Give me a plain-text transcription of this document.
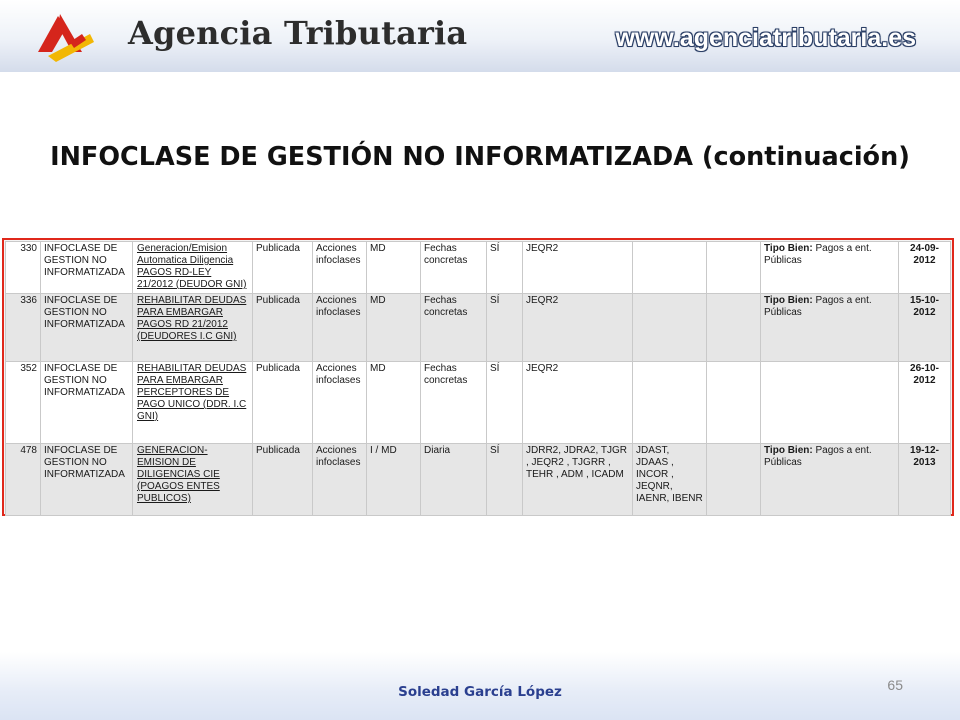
Agencia Tributaria	www.agenciatributaria.es
INFOCLASE DE GESTIÓN NO INFORMATIZADA (continuación)
330	INFOCLASE DE GESTION NO INFORMATIZADA	Generacion/Emision Automatica Diligencia PAGOS RD-LEY 21/2012 (DEUDOR GNI)	Publicada	Acciones infoclases	MD	Fechas concretas	SÍ	JEQR2			Tipo Bien: Pagos a ent. Públicas	24-09-2012
336	INFOCLASE DE GESTION NO INFORMATIZADA	REHABILITAR DEUDAS PARA EMBARGAR PAGOS RD 21/2012 (DEUDORES I.C GNI)	Publicada	Acciones infoclases	MD	Fechas concretas	SÍ	JEQR2			Tipo Bien: Pagos a ent. Públicas	15-10-2012
352	INFOCLASE DE GESTION NO INFORMATIZADA	REHABILITAR DEUDAS PARA EMBARGAR PERCEPTORES DE PAGO UNICO (DDR. I.C GNI)	Publicada	Acciones infoclases	MD	Fechas concretas	SÍ	JEQR2				26-10-2012
478	INFOCLASE DE GESTION NO INFORMATIZADA	GENERACION-EMISION DE DILIGENCIAS CIE (POAGOS ENTES PUBLICOS)	Publicada	Acciones infoclases	I / MD	Diaria	SÍ	JDRR2, JDRA2, TJGR , JEQR2 , TJGRR , TEHR , ADM , ICADM	JDAST, JDAAS , INCOR , JEQNR, IAENR, IBENR		Tipo Bien: Pagos a ent. Públicas	19-12-2013
Soledad García López	65
